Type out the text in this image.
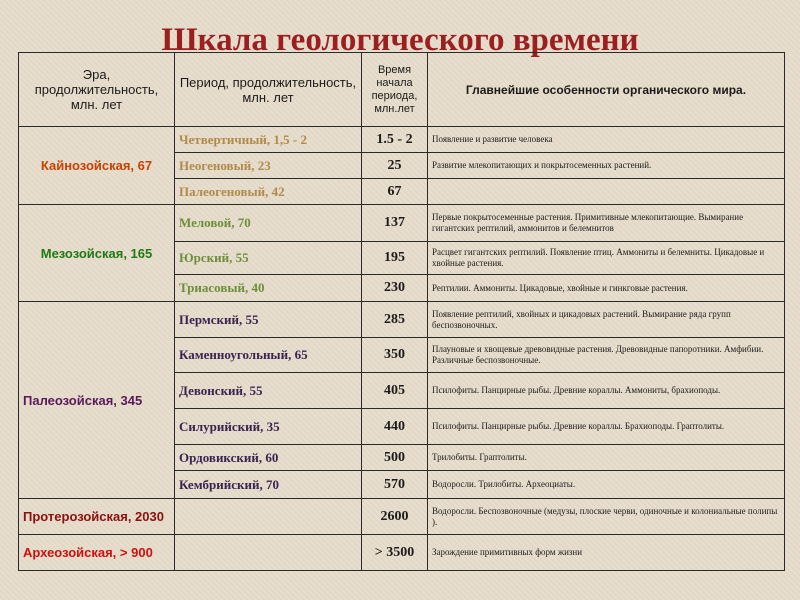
Шкала геологического времени
Эра, продолжительность, млн. лет	Период, продолжительность, млн. лет	Время начала периода, млн.лет	Главнейшие особенности органического мира.
Кайнозойская, 67	Четвертичный, 1,5 - 2	1.5 - 2	Появление и развитие человека
	Неогеновый, 23	25	Развитие млекопитающих и покрытосеменных растений.
	Палеогеновый, 42	67	
Мезозойская, 165	Меловой, 70	137	Первые покрытосеменные растения. Примитивные млекопитающие. Вымирание гигантских рептилий, аммонитов и белемнитов
	Юрский, 55	195	Расцвет гигантских рептилий. Появление птиц. Аммониты и белемниты. Цикадовые и хвойные растения.
	Триасовый, 40	230	Рептилии. Аммониты. Цикадовые, хвойные и гинкговые растения.
Палеозойская, 345	Пермский, 55	285	Появление рептилий, хвойных и цикадовых растений. Вымирание ряда групп беспозвоночных.
	Каменноугольный, 65	350	Плауновые и хвощевые древовидные растения. Древовидные папоротники. Амфибии. Различные беспозвоночные.
	Девонский, 55	405	Псилофиты. Панцирные рыбы. Древние кораллы. Аммониты, брахиоподы.
	Силурийский, 35	440	Псилофиты. Панцирные рыбы. Древние кораллы. Брахиоподы. Граптолиты.
	Ордовикский, 60	500	Трилобиты. Граптолиты.
	Кембрийский, 70	570	Водоросли. Трилобиты. Археоциаты.
Протерозойская, 2030		2600	Водоросли. Беспозвоночные (медузы, плоские черви, одиночные и колониальные полипы ).
Археозойская, > 900		> 3500	Зарождение примитивных форм жизни
